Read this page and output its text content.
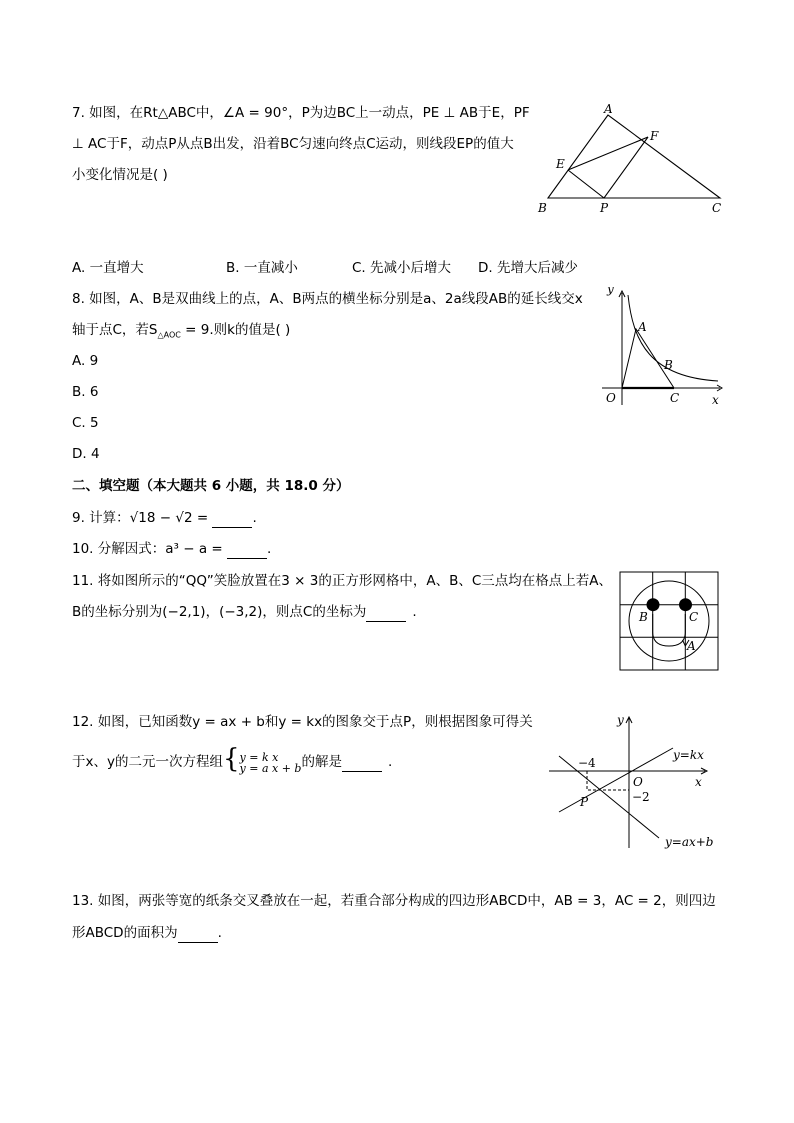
7. 如图，在Rt△ABC中，∠A = 90°，P为边BC上一动点，PE ⊥ AB于E，PF
⊥ AC于F，动点P从点B出发，沿着BC匀速向终点C运动，则线段EP的值大
小变化情况是( )
A
B	C
E
F
P
A. 一直增大	B. 一直减小	C. 先减小后增大 D. 先增大后减少
8. 如图，A、B是双曲线上的点，A、B两点的横坐标分别是a、2a线段AB的延长线交x
轴于点C，若$S_{\triangle AOC} = 9$.则k的值是( )
A. 9
B. 6
C. 5
D. 4
y
x
O
A
B
C
二、填空题（本大题共 6 小题，共 18.0 分）
9. 计算：√18 − √2 =	.
10. 分解因式：a³ − a =	.
11. 将如图所示的“QQ”笑脸放置在3 × 3的正方形网格中，A、B、C三点均在格点上若A、
B的坐标分别为(−2,1)，(−3,2)，则点C的坐标为	.	B	C
A
12. 如图，已知函数y = ax + b和y = kx的图象交于点P，则根据图象可得关
于x、y的二元一次方程组{y = k x
y = a x + b的解是	.
y
x
O
P
−4
−2
y=kx
y=ax+b
13. 如图，两张等宽的纸条交叉叠放在一起，若重合部分构成的四边形ABCD中，AB = 3，AC = 2，则四边
形ABCD的面积为	.
